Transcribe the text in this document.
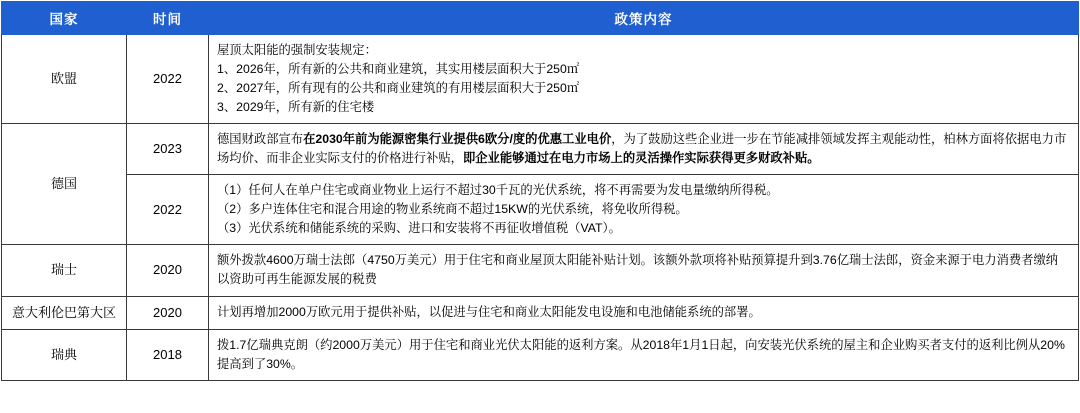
国家	时间	政策内容
欧盟	2022	屋顶太阳能的强制安装规定：
1、2026年，所有新的公共和商业建筑，其实用楼层面积大于250㎡
2、2027年，所有现有的公共和商业建筑的有用楼层面积大于250㎡
3、2029年，所有新的住宅楼

德国	2023	德国财政部宣布在2030年前为能源密集行业提供6欧分/度的优惠工业电价，为了鼓励这些企业进一步在节能减排领域发挥主观能动性，柏林方面将依据电力市场均价、而非企业实际支付的价格进行补贴，即企业能够通过在电力市场上的灵活操作实际获得更多财政补贴。
	2022	（1）任何人在单户住宅或商业物业上运行不超过30千瓦的光伏系统，将不再需要为发电量缴纳所得税。
（2）多户连体住宅和混合用途的物业系统商不超过15KW的光伏系统，将免收所得税。
（3）光伏系统和储能系统的采购、进口和安装将不再征收增值税（VAT）。

瑞士	2020	额外拨款4600万瑞士法郎（4750万美元）用于住宅和商业屋顶太阳能补贴计划。该额外款项将补贴预算提升到3.76亿瑞士法郎，资金来源于电力消费者缴纳以资助可再生能源发展的税费

意大利伦巴第大区	2020	计划再增加2000万欧元用于提供补贴，以促进与住宅和商业太阳能发电设施和电池储能系统的部署。

瑞典	2018	拨1.7亿瑞典克朗（约2000万美元）用于住宅和商业光伏太阳能的返利方案。从2018年1月1日起，向安装光伏系统的屋主和企业购买者支付的返利比例从20%提高到了30%。
